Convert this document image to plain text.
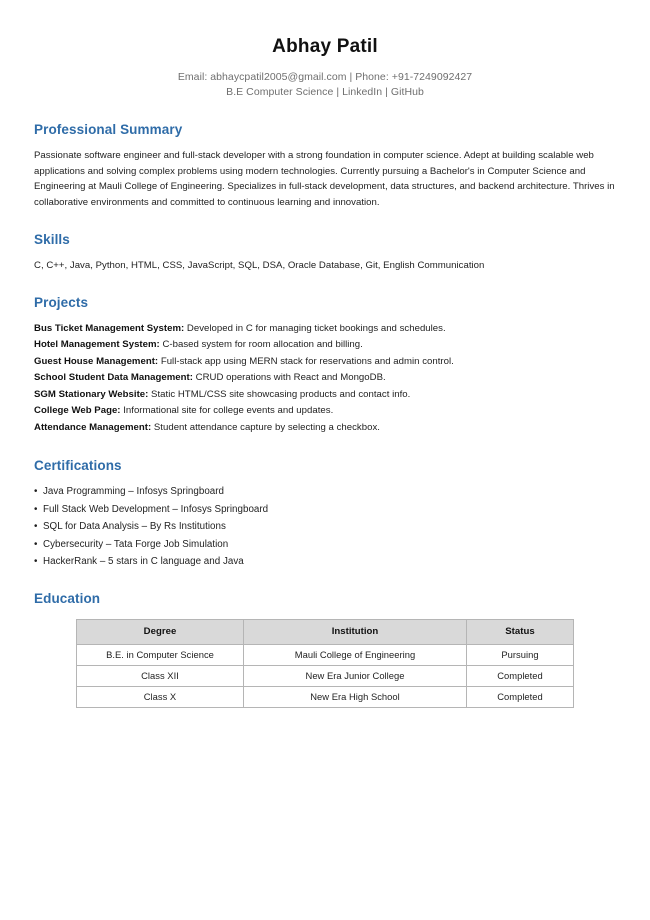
Abhay Patil
Email: abhaycpatil2005@gmail.com | Phone: +91-7249092427
B.E Computer Science | LinkedIn | GitHub
Professional Summary

Passionate software engineer and full-stack developer with a strong foundation in computer science. Adept at building scalable web applications and solving complex problems using modern technologies. Currently pursuing a Bachelor's in Computer Science and Engineering at Mauli College of Engineering. Specializes in full-stack development, data structures, and backend architecture. Thrives in collaborative environments and committed to continuous learning and innovation.

Skills

C, C++, Java, Python, HTML, CSS, JavaScript, SQL, DSA, Oracle Database, Git, English Communication

Projects
Bus Ticket Management System: Developed in C for managing ticket bookings and schedules.
Hotel Management System: C-based system for room allocation and billing.
Guest House Management: Full-stack app using MERN stack for reservations and admin control.
School Student Data Management: CRUD operations with React and MongoDB.
SGM Stationary Website: Static HTML/CSS site showcasing products and contact info.
College Web Page: Informational site for college events and updates.
Attendance Management: Student attendance capture by selecting a checkbox.
Certifications
• Java Programming – Infosys Springboard
• Full Stack Web Development – Infosys Springboard
• SQL for Data Analysis – By Rs Institutions
• Cybersecurity – Tata Forge Job Simulation
• HackerRank – 5 stars in C language and Java
Education
Degree	Institution	Status
B.E. in Computer Science	Mauli College of Engineering	Pursuing
Class XII	New Era Junior College	Completed
Class X	New Era High School	Completed
